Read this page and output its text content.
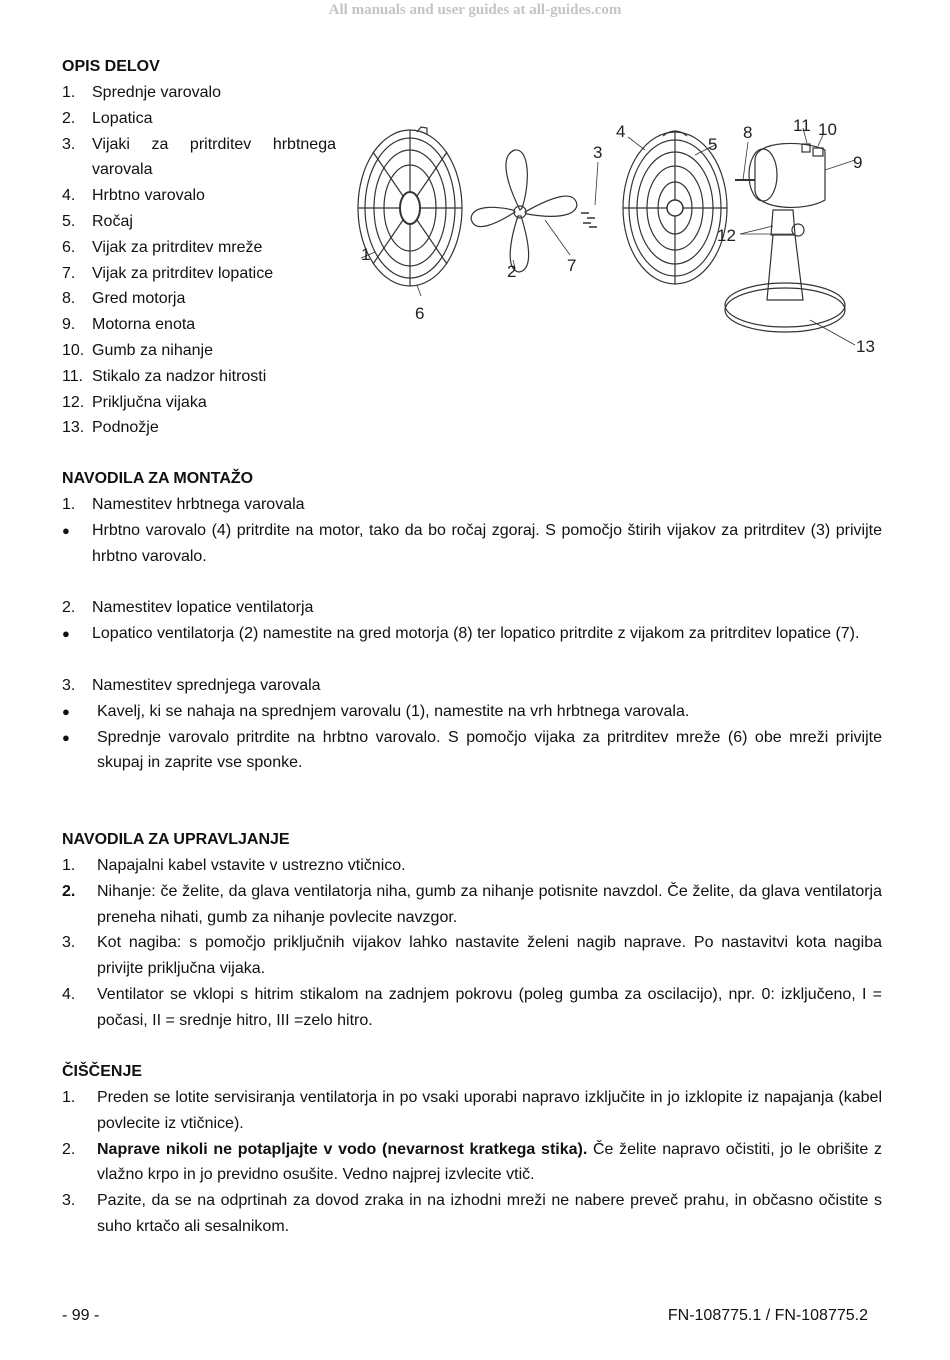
All manuals and user guides at all-guides.com
OPIS DELOV
1.	Sprednje varovalo
2.	Lopatica
3.	Vijaki za pritrditev hrbtnega varovala
4.	Hrbtno varovalo
5.	Ročaj
6.	Vijak za pritrditev mreže
7.	Vijak za pritrditev lopatice
8.	Gred motorja
9.	Motorna enota
10. Gumb za nihanje
11. Stikalo za nadzor hitrosti
12. Priključna vijaka
13. Podnožje
1
2
3
4
5
6
7
8
9
10
11
12
13
NAVODILA ZA MONTAŽO
1.	Namestitev hrbtnega varovala
●	Hrbtno varovalo (4) pritrdite na motor, tako da bo ročaj zgoraj. S pomočjo štirih vijakov za pritrditev (3) privijte hrbtno varovalo.
2.	Namestitev lopatice ventilatorja
●	Lopatico ventilatorja (2) namestite na gred motorja (8) ter lopatico pritrdite z vijakom za pritrditev lopatice (7).
3.	Namestitev sprednjega varovala
●	Kavelj, ki se nahaja na sprednjem varovalu (1), namestite na vrh hrbtnega varovala.
●	Sprednje varovalo pritrdite na hrbtno varovalo. S pomočjo vijaka za pritrditev mreže (6) obe mreži privijte skupaj in zaprite vse sponke.
NAVODILA ZA UPRAVLJANJE
1.	Napajalni kabel vstavite v ustrezno vtičnico.
2.	Nihanje: če želite, da glava ventilatorja niha, gumb za nihanje potisnite navzdol. Če želite, da glava ventilatorja preneha nihati, gumb za nihanje povlecite navzgor.
3.	Kot nagiba: s pomočjo priključnih vijakov lahko nastavite želeni nagib naprave. Po nastavitvi kota nagiba privijte priključna vijaka.
4.	Ventilator se vklopi s hitrim stikalom na zadnjem pokrovu (poleg gumba za oscilacijo), npr. 0: izključeno, I = počasi, II = srednje hitro, III =zelo hitro.
ČIŠČENJE
1.	Preden se lotite servisiranja ventilatorja in po vsaki uporabi napravo izključite in jo izklopite iz napajanja (kabel povlecite iz vtičnice).
2.	Naprave nikoli ne potapljajte v vodo (nevarnost kratkega stika). Če želite napravo očistiti, jo le obrišite z vlažno krpo in jo previdno osušite. Vedno najprej izvlecite vtič.
3.	Pazite, da se na odprtinah za dovod zraka in na izhodni mreži ne nabere preveč prahu, in občasno očistite s suho krtačo ali sesalnikom.
- 99 -	FN-108775.1 / FN-108775.2
